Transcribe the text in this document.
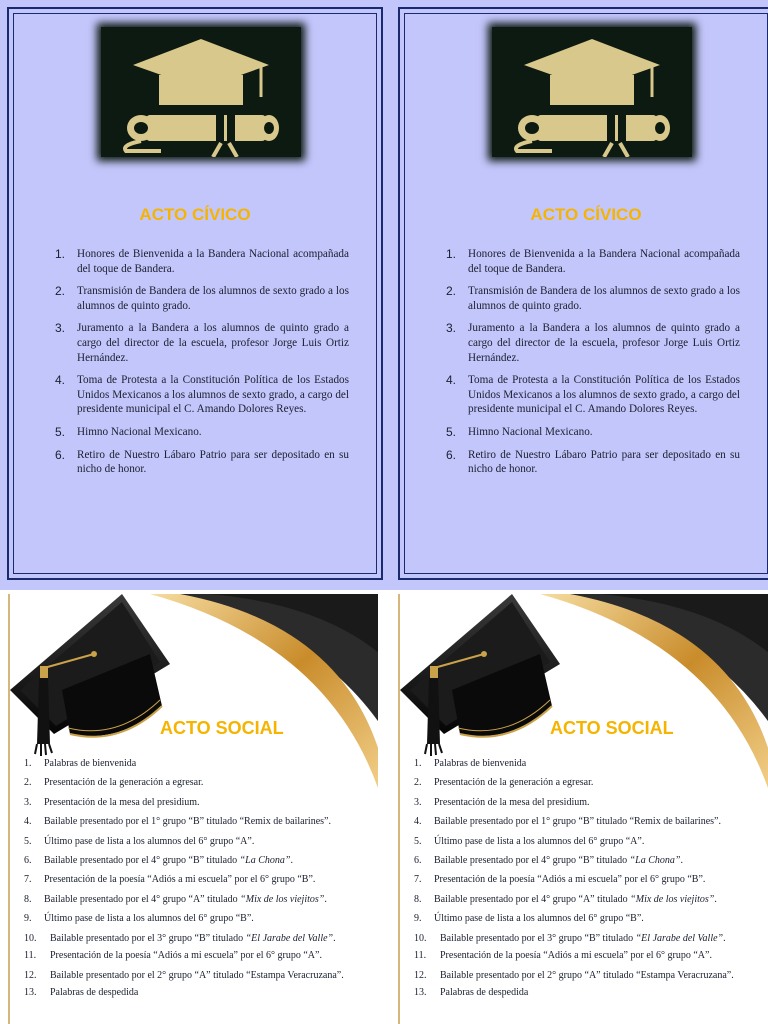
ACTO CÍVICO
1. Honores de Bienvenida a la Bandera Nacional acompañada del toque de Bandera.
2. Transmisión de Bandera de los alumnos de sexto grado a los alumnos de quinto grado.
3. Juramento a la Bandera a los alumnos de quinto grado a cargo del director de la escuela, profesor Jorge Luis Ortiz Hernández.
4. Toma de Protesta a la Constitución Política de los Estados Unidos Mexicanos a los alumnos de sexto grado, a cargo del presidente municipal el C. Amando Dolores Reyes.
5. Himno Nacional Mexicano.
6. Retiro de Nuestro Lábaro Patrio para ser depositado en su nicho de honor.
ACTO CÍVICO
1. Honores de Bienvenida a la Bandera Nacional acompañada del toque de Bandera.
2. Transmisión de Bandera de los alumnos de sexto grado a los alumnos de quinto grado.
3. Juramento a la Bandera a los alumnos de quinto grado a cargo del director de la escuela, profesor Jorge Luis Ortiz Hernández.
4. Toma de Protesta a la Constitución Política de los Estados Unidos Mexicanos a los alumnos de sexto grado, a cargo del presidente municipal el C. Amando Dolores Reyes.
5. Himno Nacional Mexicano.
6. Retiro de Nuestro Lábaro Patrio para ser depositado en su nicho de honor.
ACTO SOCIAL
1. Palabras de bienvenida
2. Presentación de la generación a egresar.
3. Presentación de la mesa del presidium.
4. Bailable presentado por el 1° grupo “B” titulado “Remix de bailarines”.
5. Último pase de lista a los alumnos del 6° grupo “A”.
6. Bailable presentado por el 4° grupo “B” titulado “La Chona”.
7. Presentación de la poesía “Adiós a mi escuela” por el 6° grupo “B”.
8. Bailable presentado por el 4° grupo “A” titulado “Mix de los viejitos”.
9. Último pase de lista a los alumnos del 6° grupo “B”.
10. Bailable presentado por el 3° grupo “B” titulado “El Jarabe del Valle”.
11. Presentación de la poesía “Adiós a mi escuela” por el 6° grupo “A”.
12. Bailable presentado por el 2° grupo “A” titulado “Estampa Veracruzana”.
13. Palabras de despedida
ACTO SOCIAL
1. Palabras de bienvenida
2. Presentación de la generación a egresar.
3. Presentación de la mesa del presidium.
4. Bailable presentado por el 1° grupo “B” titulado “Remix de bailarines”.
5. Último pase de lista a los alumnos del 6° grupo “A”.
6. Bailable presentado por el 4° grupo “B” titulado “La Chona”.
7. Presentación de la poesía “Adiós a mi escuela” por el 6° grupo “B”.
8. Bailable presentado por el 4° grupo “A” titulado “Mix de los viejitos”.
9. Último pase de lista a los alumnos del 6° grupo “B”.
10. Bailable presentado por el 3° grupo “B” titulado “El Jarabe del Valle”.
11. Presentación de la poesía “Adiós a mi escuela” por el 6° grupo “A”.
12. Bailable presentado por el 2° grupo “A” titulado “Estampa Veracruzana”.
13. Palabras de despedida
